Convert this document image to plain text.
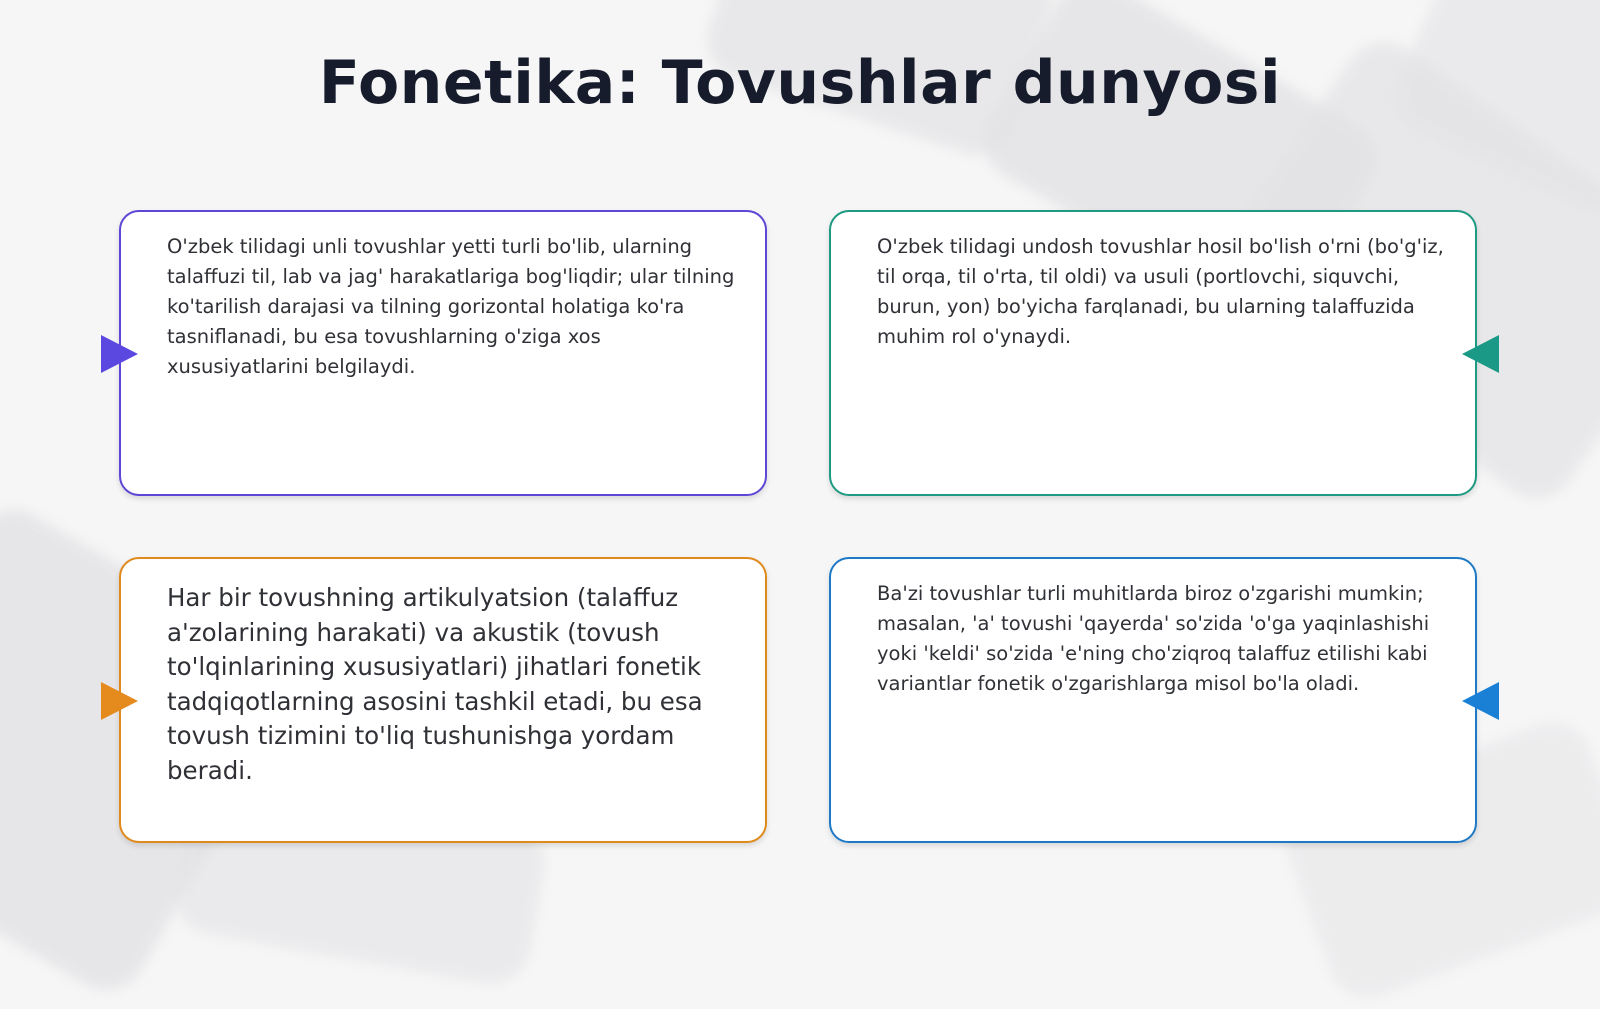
Fonetika: Tovushlar dunyosi
O'zbek tilidagi unli tovushlar yetti turli bo'lib, ularning talaffuzi til, lab va jag' harakatlariga bog'liqdir; ular tilning ko'tarilish darajasi va tilning gorizontal holatiga ko'ra tasniflanadi, bu esa tovushlarning o'ziga xos xususiyatlarini belgilaydi.
O'zbek tilidagi undosh tovushlar hosil bo'lish o'rni (bo'g'iz, til orqa, til o'rta, til oldi) va usuli (portlovchi, siquvchi, burun, yon) bo'yicha farqlanadi, bu ularning talaffuzida muhim rol o'ynaydi.
Har bir tovushning artikulyatsion (talaffuz a'zolarining harakati) va akustik (tovush to'lqinlarining xususiyatlari) jihatlari fonetik tadqiqotlarning asosini tashkil etadi, bu esa tovush tizimini to'liq tushunishga yordam beradi.
Ba'zi tovushlar turli muhitlarda biroz o'zgarishi mumkin; masalan, 'a' tovushi 'qayerda' so'zida 'o'ga yaqinlashishi yoki 'keldi' so'zida 'e'ning cho'ziqroq talaffuz etilishi kabi variantlar fonetik o'zgarishlarga misol bo'la oladi.
